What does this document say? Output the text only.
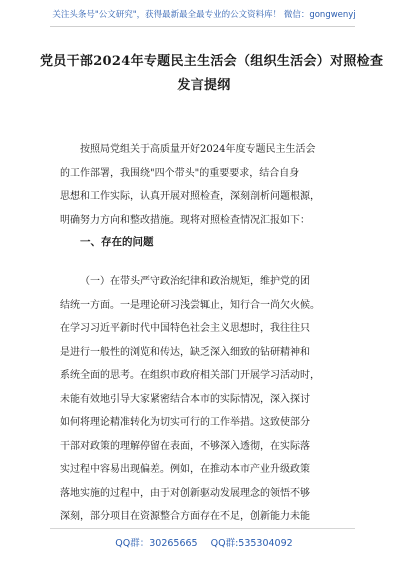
关注头条号"公文研究"，获得最新最全最专业的公文资料库！ 微信：gongwenyj
党员干部2024年专题民主生活会（组织生活会）对照检查
发言提纲
按照局党组关于高质量开好2024年度专题民主生活会
的工作部署，我围绕"四个带头"的重要要求，结合自身
思想和工作实际，认真开展对照检查，深刻剖析问题根源，
明确努力方向和整改措施。现将对照检查情况汇报如下：
一、存在的问题
（一）在带头严守政治纪律和政治规矩，维护党的团
结统一方面。一是理论研习浅尝辄止，知行合一尚欠火候。
在学习习近平新时代中国特色社会主义思想时，我往往只
是进行一般性的浏览和传达，缺乏深入细致的钻研精神和
系统全面的思考。在组织市政府相关部门开展学习活动时，
未能有效地引导大家紧密结合本市的实际情况，深入探讨
如何将理论精准转化为切实可行的工作举措。这致使部分
干部对政策的理解停留在表面，不够深入透彻，在实际落
实过程中容易出现偏差。例如，在推动本市产业升级政策
落地实施的过程中，由于对创新驱动发展理念的领悟不够
深刻，部分项目在资源整合方面存在不足，创新能力未能
QQ群：30265665 QQ群:535304092
